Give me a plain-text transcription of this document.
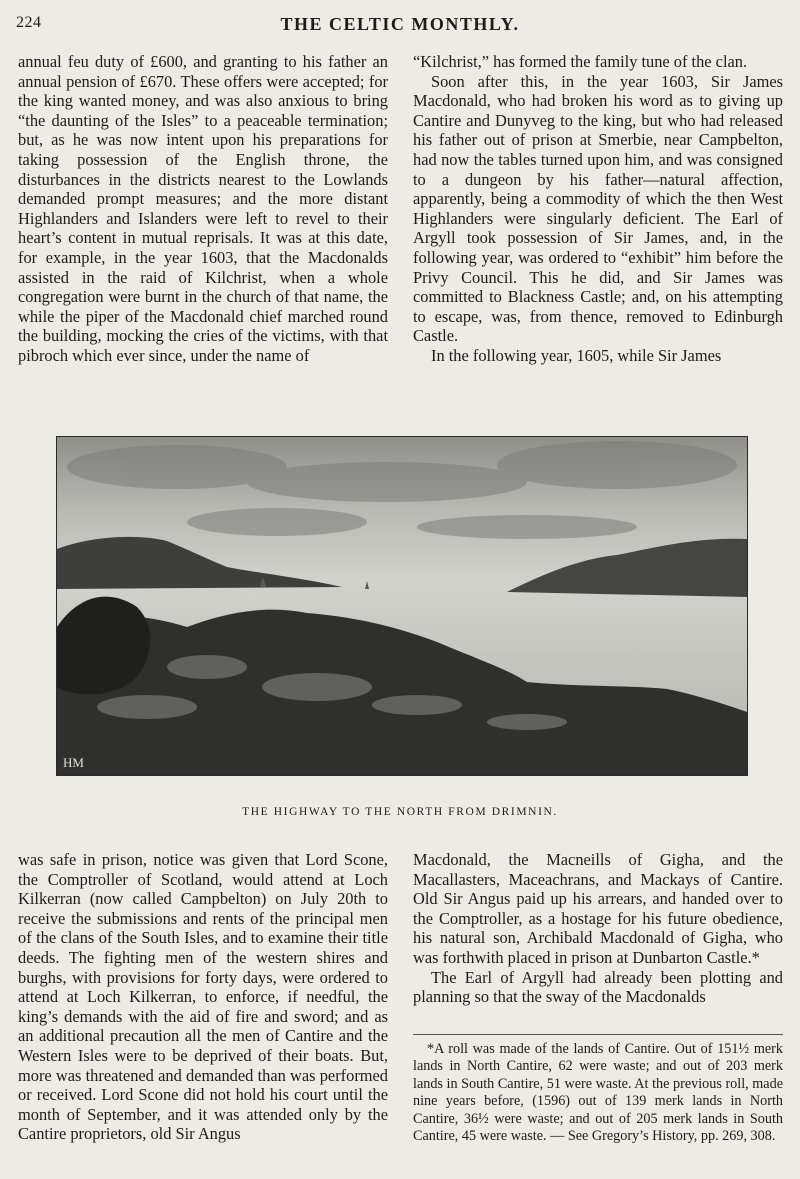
224	THE CELTIC MONTHLY.

annual feu duty of £600, and granting to his father an annual pension of £670. These offers were accepted; for the king wanted money, and was also anxious to bring “the daunting of the Isles” to a peaceable termination; but, as he was now intent upon his preparations for taking possession of the English throne, the disturbances in the districts nearest to the Lowlands demanded prompt measures; and the more distant Highlanders and Islanders were left to revel to their heart’s content in mutual reprisals. It was at this date, for example, in the year 1603, that the Macdonalds assisted in the raid of Kilchrist, when a whole congregation were burnt in the church of that name, the while the piper of the Macdonald chief marched round the building, mocking the cries of the victims, with that pibroch which ever since, under the name of

“Kilchrist,” has formed the family tune of the clan.

Soon after this, in the year 1603, Sir James Macdonald, who had broken his word as to giving up Cantire and Dunyveg to the king, but who had released his father out of prison at Smerbie, near Campbelton, had now the tables turned upon him, and was consigned to a dungeon by his father—natural affection, apparently, being a commodity of which the then West Highlanders were singularly deficient. The Earl of Argyll took possession of Sir James, and, in the following year, was ordered to “exhibit” him before the Privy Council. This he did, and Sir James was committed to Blackness Castle; and, on his attempting to escape, was, from thence, removed to Edinburgh Castle.

In the following year, 1605, while Sir James

HM
THE HIGHWAY TO THE NORTH FROM DRIMNIN.

was safe in prison, notice was given that Lord Scone, the Comptroller of Scotland, would attend at Loch Kilkerran (now called Campbelton) on July 20th to receive the submissions and rents of the principal men of the clans of the South Isles, and to examine their title deeds. The fighting men of the western shires and burghs, with provisions for forty days, were ordered to attend at Loch Kilkerran, to enforce, if needful, the king’s demands with the aid of fire and sword; and as an additional precaution all the men of Cantire and the Western Isles were to be deprived of their boats. But, more was threatened and demanded than was performed or received. Lord Scone did not hold his court until the month of September, and it was attended only by the Cantire proprietors, old Sir Angus

Macdonald, the Macneills of Gigha, and the Macallasters, Maceachrans, and Mackays of Cantire. Old Sir Angus paid up his arrears, and handed over to the Comptroller, as a hostage for his future obedience, his natural son, Archibald Macdonald of Gigha, who was forthwith placed in prison at Dunbarton Castle.*

The Earl of Argyll had already been plotting and planning so that the sway of the Macdonalds

*A roll was made of the lands of Cantire. Out of 151½ merk lands in North Cantire, 62 were waste; and out of 203 merk lands in South Cantire, 51 were waste. At the previous roll, made nine years before, (1596) out of 139 merk lands in North Cantire, 36½ were waste; and out of 205 merk lands in South Cantire, 45 were waste. — See Gregory’s History, pp. 269, 308.
